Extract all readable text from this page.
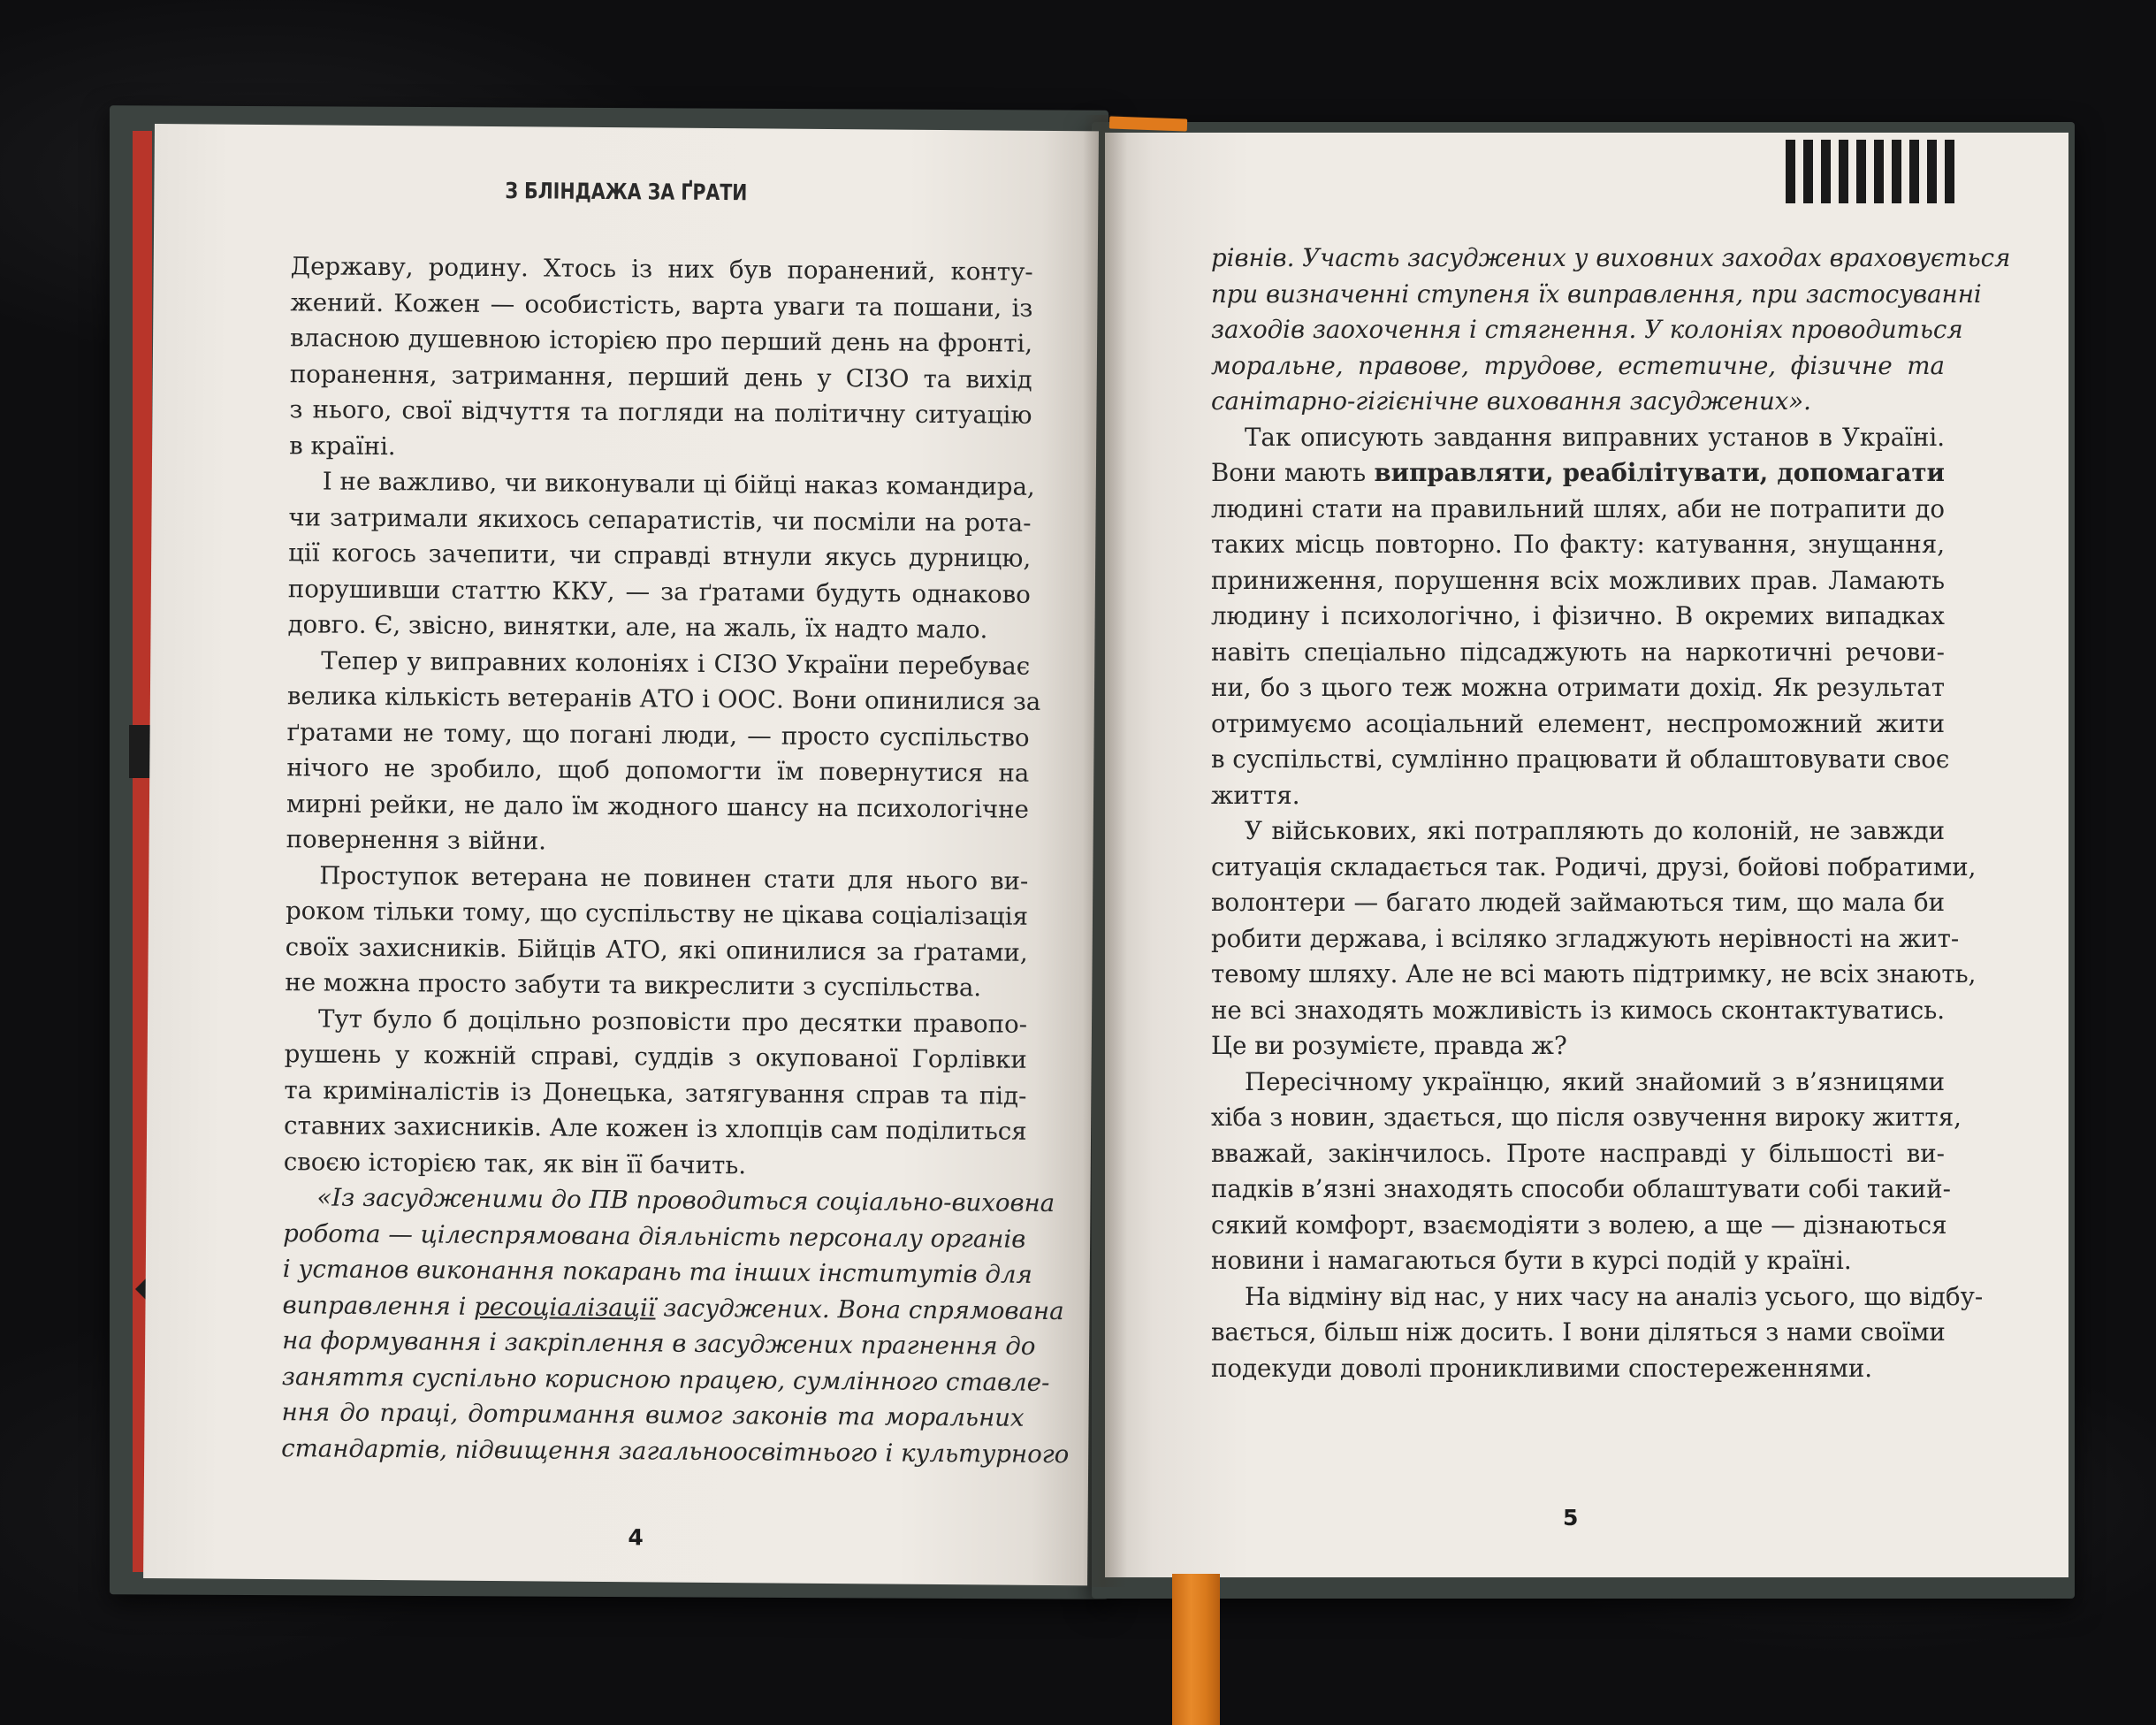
З БЛІНДАЖА ЗА ҐРАТИ
Державу, родину. Хтось із них був поранений, конту-
жений. Кожен — особистість, варта уваги та пошани, із
власною душевною історією про перший день на фронті,
поранення, затримання, перший день у СІЗО та вихід
з нього, свої відчуття та погляди на політичну ситуацію
в країні.
І не важливо, чи виконували ці бійці наказ командира,
чи затримали якихось сепаратистів, чи посміли на рота-
ції когось зачепити, чи справді втнули якусь дурницю,
порушивши статтю ККУ, — за ґратами будуть однаково
довго. Є, звісно, винятки, але, на жаль, їх надто мало.
Тепер у виправних колоніях і СІЗО України перебуває
велика кількість ветеранів АТО і ООС. Вони опинилися за
ґратами не тому, що погані люди, — просто суспільство
нічого не зробило, щоб допомогти їм повернутися на
мирні рейки, не дало їм жодного шансу на психологічне
повернення з війни.
Проступок ветерана не повинен стати для нього ви-
роком тільки тому, що суспільству не цікава соціалізація
своїх захисників. Бійців АТО, які опинилися за ґратами,
не можна просто забути та викреслити з суспільства.
Тут було б доцільно розповісти про десятки правопо-
рушень у кожній справі, суддів з окупованої Горлівки
та криміналістів із Донецька, затягування справ та під-
ставних захисників. Але кожен із хлопців сам поділиться
своєю історією так, як він її бачить.
«Із засудженими до ПВ проводиться соціально-виховна
робота — цілеспрямована діяльність персоналу органів
і установ виконання покарань та інших інститутів для
виправлення і ресоціалізації засуджених. Вона спрямована
на формування і закріплення в засуджених прагнення до
заняття суспільно корисною працею, сумлінного ставле-
ння до праці, дотримання вимог законів та моральних
стандартів, підвищення загальноосвітнього і культурного
4
рівнів. Участь засуджених у виховних заходах враховується
при визначенні ступеня їх виправлення, при застосуванні
заходів заохочення і стягнення. У колоніях проводиться
моральне, правове, трудове, естетичне, фізичне та
санітарно-гігієнічне виховання засуджених».
Так описують завдання виправних установ в Україні.
Вони мають виправляти, реабілітувати, допомагати
людині стати на правильний шлях, аби не потрапити до
таких місць повторно. По факту: катування, знущання,
приниження, порушення всіх можливих прав. Ламають
людину і психологічно, і фізично. В окремих випадках
навіть спеціально підсаджують на наркотичні речови-
ни, бо з цього теж можна отримати дохід. Як результат
отримуємо асоціальний елемент, неспроможний жити
в суспільстві, сумлінно працювати й облаштовувати своє
життя.
У військових, які потрапляють до колоній, не завжди
ситуація складається так. Родичі, друзі, бойові побратими,
волонтери — багато людей займаються тим, що мала би
робити держава, і всіляко згладжують нерівності на жит-
тевому шляху. Але не всі мають підтримку, не всіх знають,
не всі знаходять можливість із кимось сконтактуватись.
Це ви розумієте, правда ж?
Пересічному українцю, який знайомий з в’язницями
хіба з новин, здається, що після озвучення вироку життя,
вважай, закінчилось. Проте насправді у більшості ви-
падків в’язні знаходять способи облаштувати собі такий-
сякий комфорт, взаємодіяти з волею, а ще — дізнаються
новини і намагаються бути в курсі подій у країні.
На відміну від нас, у них часу на аналіз усього, що відбу-
вається, більш ніж досить. І вони діляться з нами своїми
подекуди доволі проникливими спостереженнями.
5
